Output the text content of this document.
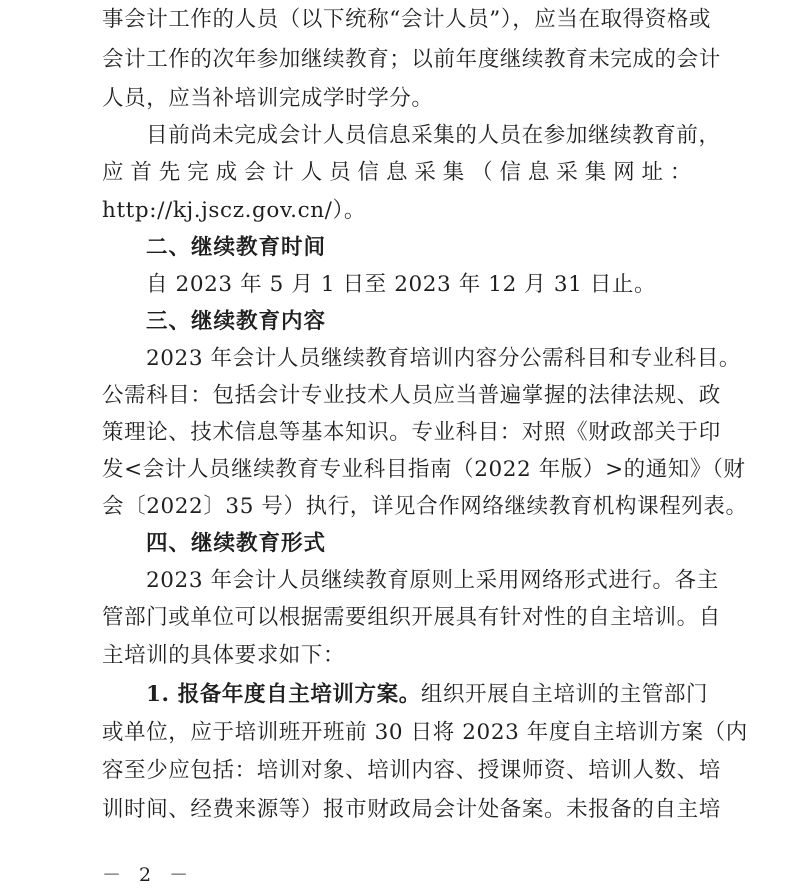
事会计工作的人员（以下统称“会计人员”），应当在取得资格或
会计工作的次年参加继续教育；以前年度继续教育未完成的会计
人员，应当补培训完成学时学分。
目前尚未完成会计人员信息采集的人员在参加继续教育前，
应首先完成会计人员信息采集（信息采集网址：
http://kj.jscz.gov.cn/）。
二、继续教育时间
自 2023 年 5 月 1 日至 2023 年 12 月 31 日止。
三、继续教育内容
2023 年会计人员继续教育培训内容分公需科目和专业科目。
公需科目：包括会计专业技术人员应当普遍掌握的法律法规、政
策理论、技术信息等基本知识。专业科目：对照《财政部关于印
发<会计人员继续教育专业科目指南（2022 年版）>的通知》（财
会〔2022〕35 号）执行，详见合作网络继续教育机构课程列表。
四、继续教育形式
2023 年会计人员继续教育原则上采用网络形式进行。各主
管部门或单位可以根据需要组织开展具有针对性的自主培训。自
主培训的具体要求如下：
1. 报备年度自主培训方案。组织开展自主培训的主管部门
或单位，应于培训班开班前 30 日将 2023 年度自主培训方案（内
容至少应包括：培训对象、培训内容、授课师资、培训人数、培
训时间、经费来源等）报市财政局会计处备案。未报备的自主培
－ 2 －
